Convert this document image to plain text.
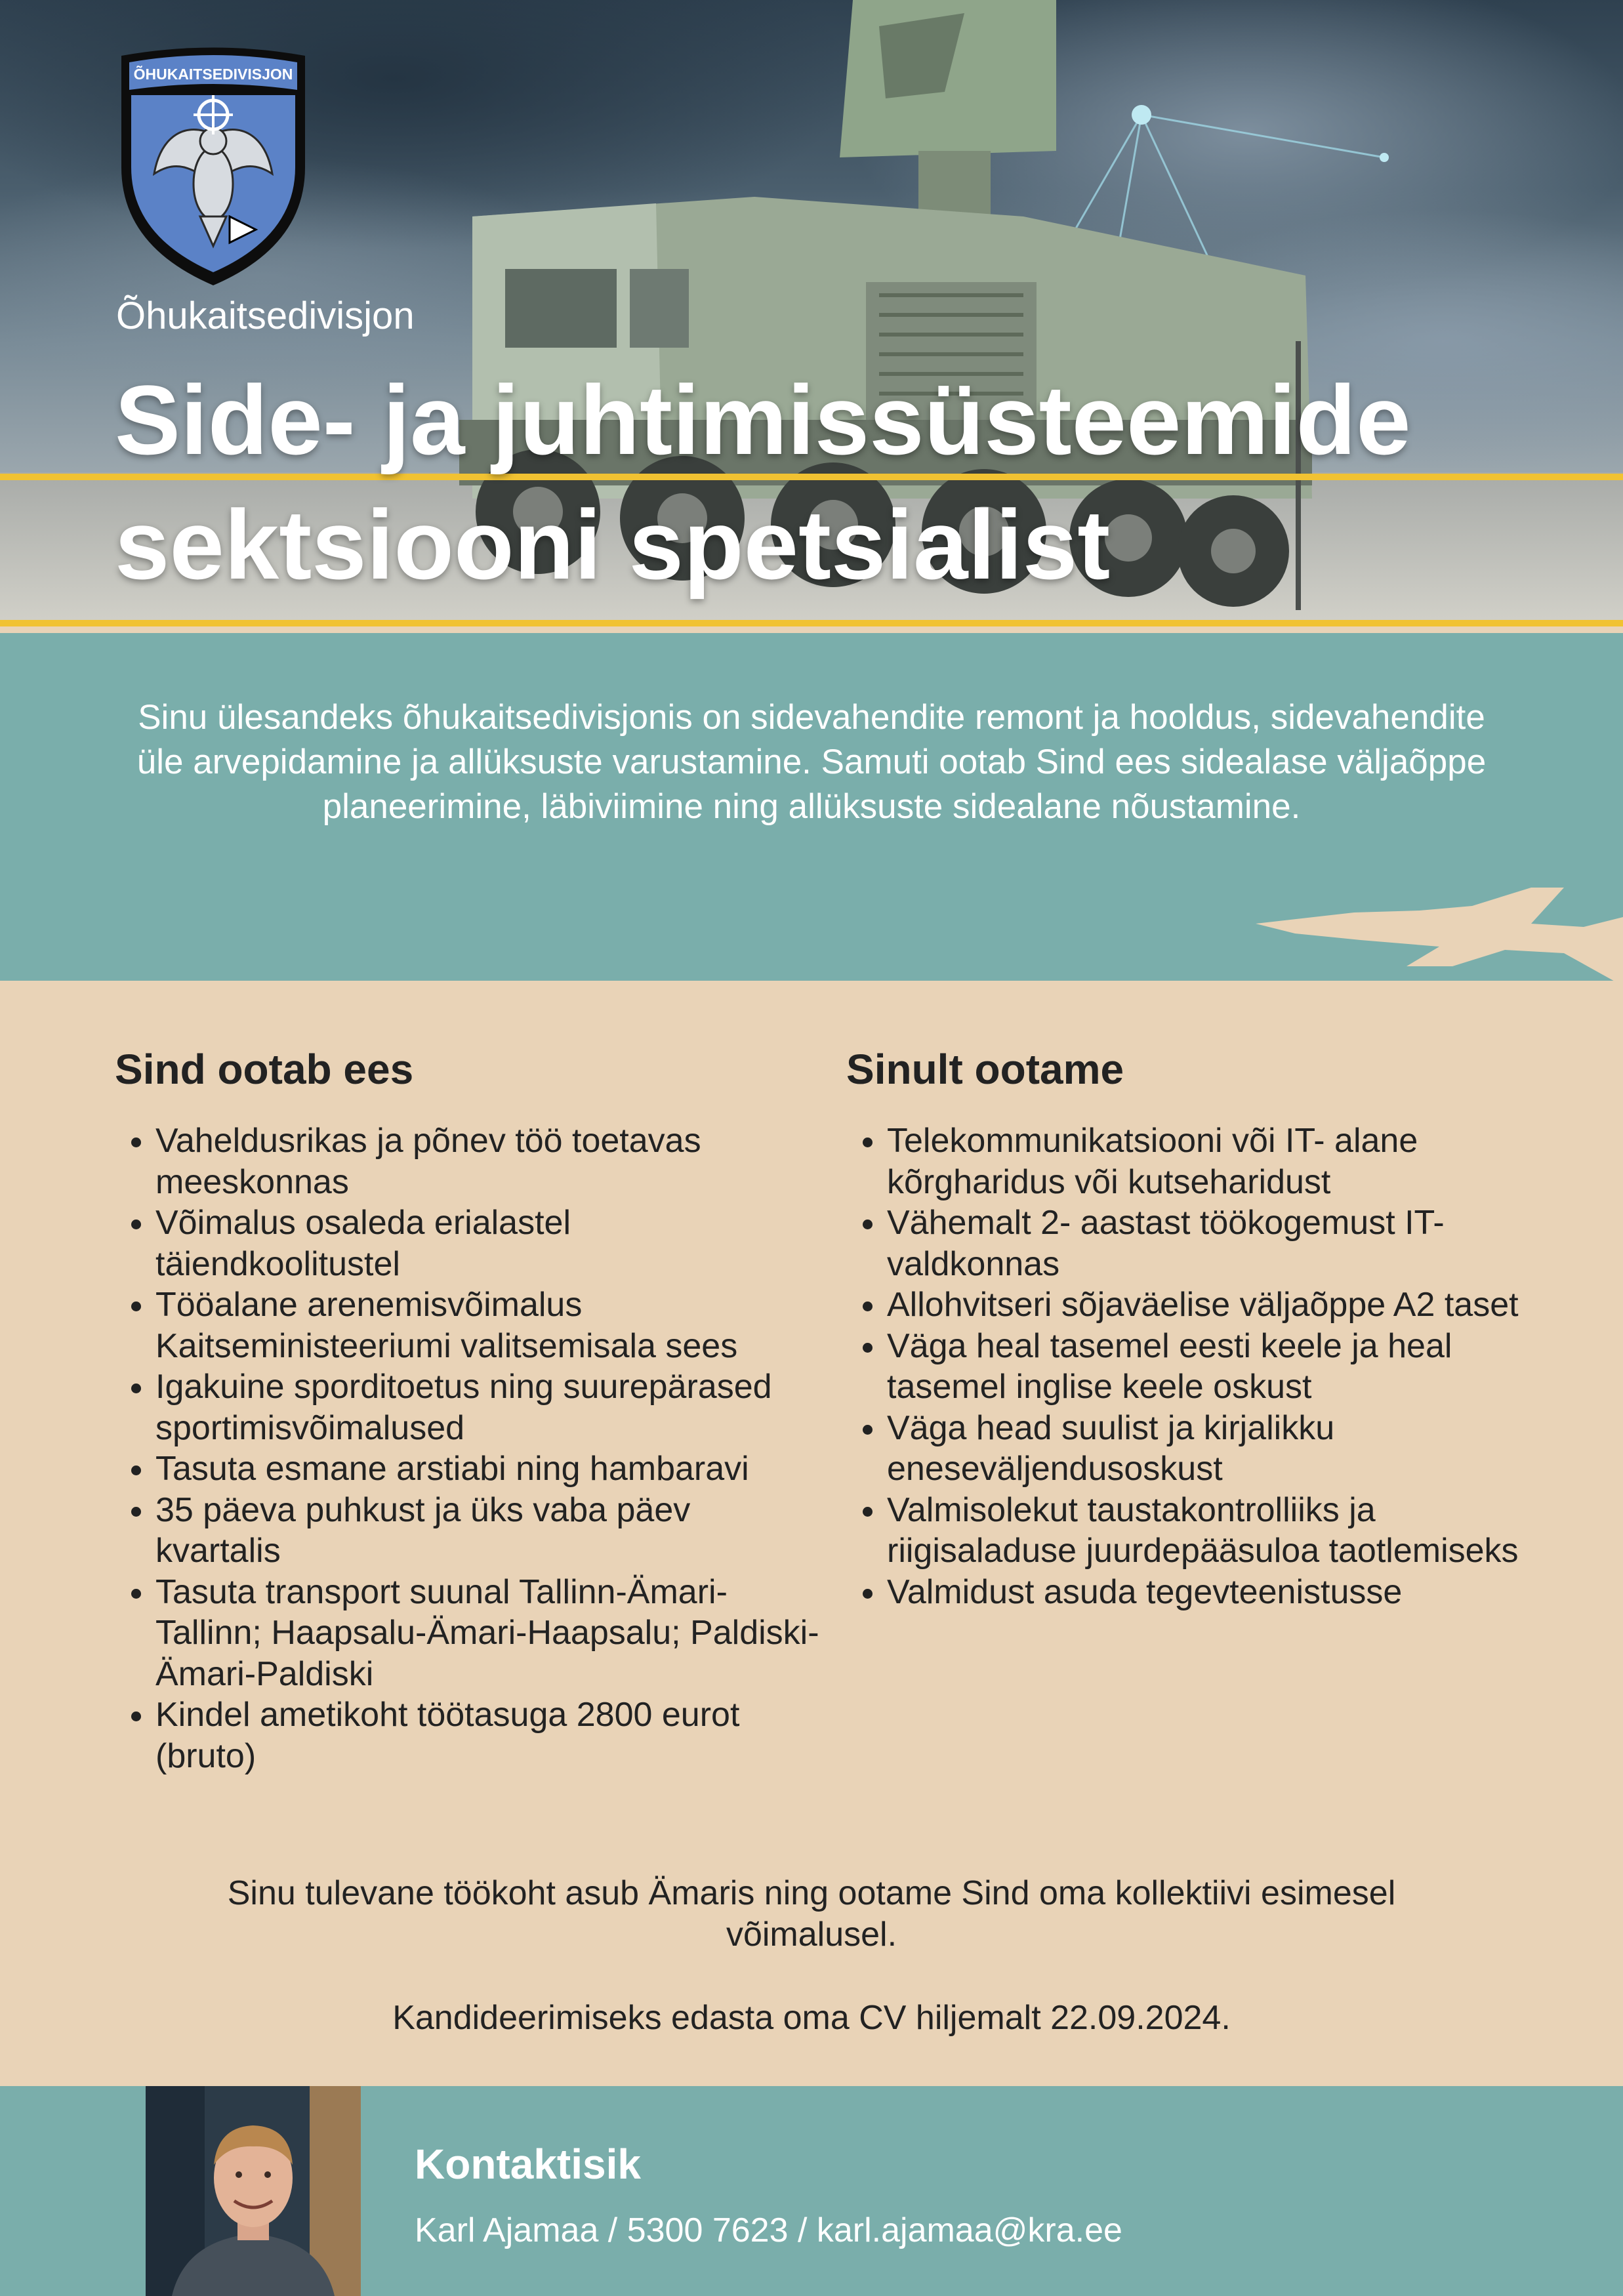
ÕHUKAITSEDIVISJON
Õhukaitsedivisjon
Side- ja juhtimissüsteemide sektsiooni spetsialist

Sinu ülesandeks õhukaitsedivisjonis on sidevahendite remont ja hooldus, sidevahendite üle arvepidamine ja allüksuste varustamine. Samuti ootab Sind ees sidealase väljaõppe planeerimine, läbiviimine ning allüksuste sidealane nõustamine.

Sind ootab ees
• Vaheldusrikas ja põnev töö toetavas meeskonnas
• Võimalus osaleda erialastel täiendkoolitustel
• Tööalane arenemisvõimalus Kaitseministeeriumi valitsemisala sees
• Igakuine sporditoetus ning suurepärased sportimisvõimalused
• Tasuta esmane arstiabi ning hambaravi
• 35 päeva puhkust ja üks vaba päev kvartalis
• Tasuta transport suunal Tallinn-Ämari-Tallinn; Haapsalu-Ämari-Haapsalu; Paldiski-Ämari-Paldiski
• Kindel ametikoht töötasuga 2800 eurot (bruto)
Sinult ootame
• Telekommunikatsiooni või IT- alane kõrgharidus või kutseharidust
• Vähemalt 2- aastast töökogemust IT- valdkonnas
• Allohvitseri sõjaväelise väljaõppe A2 taset
• Väga heal tasemel eesti keele ja heal tasemel inglise keele oskust
• Väga head suulist ja kirjalikku eneseväljendusoskust
• Valmisolekut taustakontrolliiks ja riigisaladuse juurdepääsuloa taotlemiseks
• Valmidust asuda tegevteenistusse

Sinu tulevane töökoht asub Ämaris ning ootame Sind oma kollektiivi esimesel võimalusel.

Kandideerimiseks edasta oma CV hiljemalt 22.09.2024.

Kontaktisik

Karl Ajamaa / 5300 7623 / karl.ajamaa@kra.ee
